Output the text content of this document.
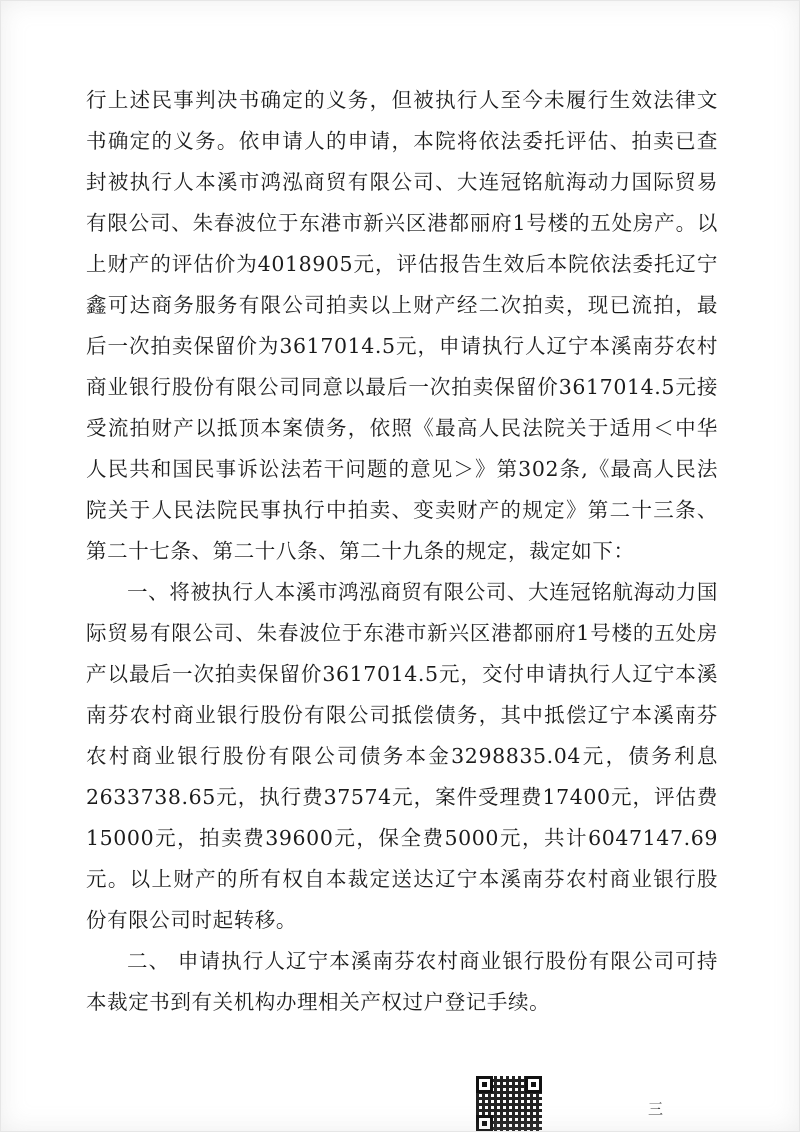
行上述民事判决书确定的义务，但被执行人至今未履行生效法律文书确定的义务。依申请人的申请，本院将依法委托评估、拍卖已查封被执行人本溪市鸿泓商贸有限公司、大连冠铭航海动力国际贸易有限公司、朱春波位于东港市新兴区港都丽府1号楼的五处房产。以上财产的评估价为4018905元，评估报告生效后本院依法委托辽宁鑫可达商务服务有限公司拍卖以上财产经二次拍卖，现已流拍，最后一次拍卖保留价为3617014.5元，申请执行人辽宁本溪南芬农村商业银行股份有限公司同意以最后一次拍卖保留价3617014.5元接受流拍财产以抵顶本案债务，依照《最高人民法院关于适用＜中华人民共和国民事诉讼法若干问题的意见＞》第302条,《最高人民法院关于人民法院民事执行中拍卖、变卖财产的规定》第二十三条、第二十七条、第二十八条、第二十九条的规定，裁定如下：

一、将被执行人本溪市鸿泓商贸有限公司、大连冠铭航海动力国际贸易有限公司、朱春波位于东港市新兴区港都丽府1号楼的五处房产以最后一次拍卖保留价3617014.5元，交付申请执行人辽宁本溪南芬农村商业银行股份有限公司抵偿债务，其中抵偿辽宁本溪南芬农村商业银行股份有限公司债务本金3298835.04元，债务利息2633738.65元，执行费37574元，案件受理费17400元，评估费15000元，拍卖费39600元，保全费5000元，共计6047147.69元。以上财产的所有权自本裁定送达辽宁本溪南芬农村商业银行股份有限公司时起转移。

二、 申请执行人辽宁本溪南芬农村商业银行股份有限公司可持本裁定书到有关机构办理相关产权过户登记手续。

三
